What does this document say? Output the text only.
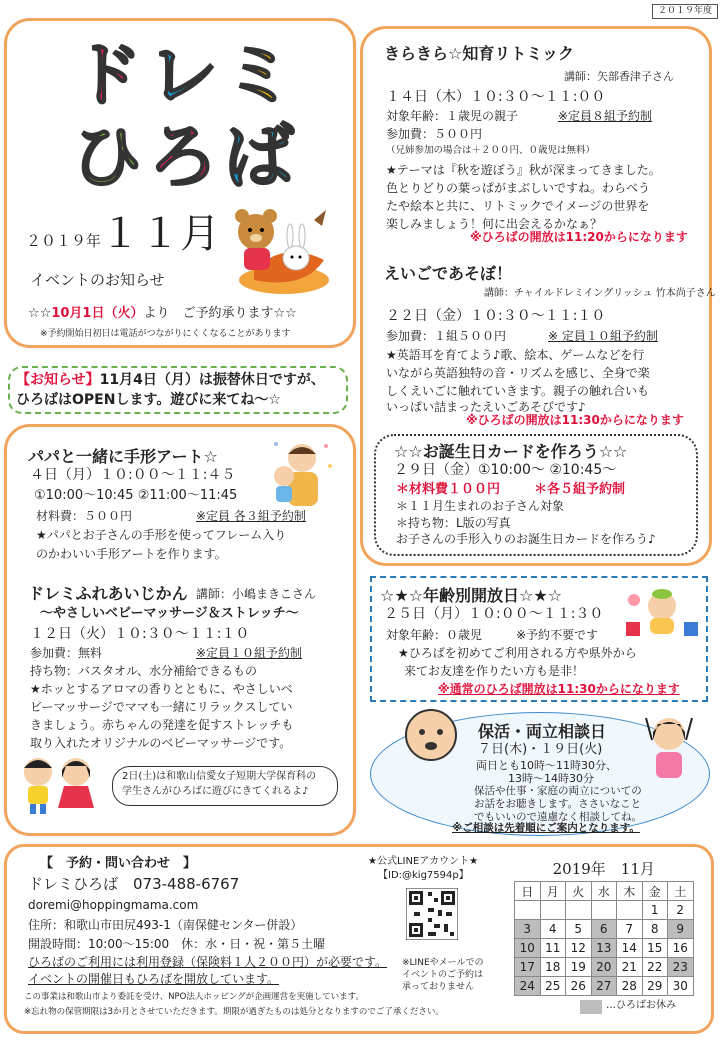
２０１９年度
ド レ ミ
ひ ろ ば
２０１９年
１１月
イベントのお知らせ
☆☆10月1日（火）より　ご予約承ります☆☆
※予約開始日初日は電話がつながりにくくなることがあります
【お知らせ】11月4日（月）は振替休日ですが、
ひろばはOPENします。遊びに来てね～☆
パパと一緒に手形アート☆
４日（月）１０:００～１１:４５
①10:00～10:45 ②11:00～11:45
材料費：５００円	※定員 各３組予約制
★パパとお子さんの手形を使ってフレーム入り
のかわいい手形アートを作ります。
ドレミふれあいじかん 講師：小嶋まきこさん
～やさしいベビーマッサージ＆ストレッチ～
１２日（火）１０:３０～１１:１０
参加費：無料	※定員１０組予約制
持ち物：バスタオル、水分補給できるもの
★ホッとするアロマの香りとともに、やさしいベ
ビーマッサージでママも一緒にリラックスしてい
きましょう。赤ちゃんの発達を促すストレッチも
取り入れたオリジナルのベビーマッサージです。
2日(土)は和歌山信愛女子短期大学保育科の
学生さんがひろばに遊びにきてくれるよ♪
きらきら☆知育リトミック
講師：矢部香津子さん
１４日（木）１０:３０～１１:００
対象年齢：１歳児の親子	※定員８組予約制
参加費：５００円
（兄姉参加の場合は＋２００円、０歳児は無料）
★テーマは『秋を遊ぼう』秋が深まってきました。
色とりどりの葉っぱがまぶしいですね。わらべう
たや絵本と共に、リトミックでイメージの世界を
楽しみましょう！何に出会えるかなぁ？
※ひろばの開放は11:20からになります
えいごであそぼ！
講師：チャイルドレミイングリッシュ 竹本尚子さん
２２日（金）１０:３０～１１:１０
参加費：１組５００円	※ 定員１０組予約制
★英語耳を育てよう♪歌、絵本、ゲームなどを行
いながら英語独特の音・リズムを感じ、全身で楽
しくえいごに触れていきます。親子の触れ合いも
いっぱい詰まったえいごあそびです♪
※ひろばの開放は11:30からになります
☆☆お誕生日カードを作ろう☆☆
２９日（金）①10:00～ ②10:45～
＊材料費１００円	＊各５組予約制
＊１１月生まれのお子さん対象
＊持ち物：L版の写真
お子さんの手形入りのお誕生日カードを作ろう♪
☆★☆年齢別開放日☆★☆
２５日（月）１０:００～１１:３０
対象年齢：０歳児	※予約不要です
★ひろばを初めてご利用される方や県外から
来てお友達を作りたい方も是非！
※通常のひろば開放は11:30からになります
保活・両立相談日
７日(木)・１９日(火)
両日とも10時～11時30分、
13時～14時30分
保活や仕事・家庭の両立についての
お話をお聴きします。ささいなこと
でもいいので遠慮なく相談してね。
※ご相談は先着順にご案内となります。
【　予約・問い合わせ　】
ドレミひろば　073-488-6767
doremi@hoppingmama.com
住所：和歌山市田尻493-1（南保健センター併設）
開設時間：10:00～15:00　休：水・日・祝・第５土曜
ひろばのご利用には利用登録（保険料１人２００円）が必要です。
イベントの開催日もひろばを開放しています。
この事業は和歌山市より委託を受け、NPO法人ホッピングが企画運営を実施しています。
※忘れ物の保管期限は3か月とさせていただきます。期限が過ぎたものは処分となりますのでご了承ください。
★公式LINEアカウント★
【ID:@kig7594p】
※LINEやメールでの
イベントのご予約は
承っておりません
2019年　11月
日	月	火	水	木	金	土
					1	2
3	4	5	6	7	8	9
10	11	12	13	14	15	16
17	18	19	20	21	22	23
24	25	26	27	28	29	30
…ひろばお休み
